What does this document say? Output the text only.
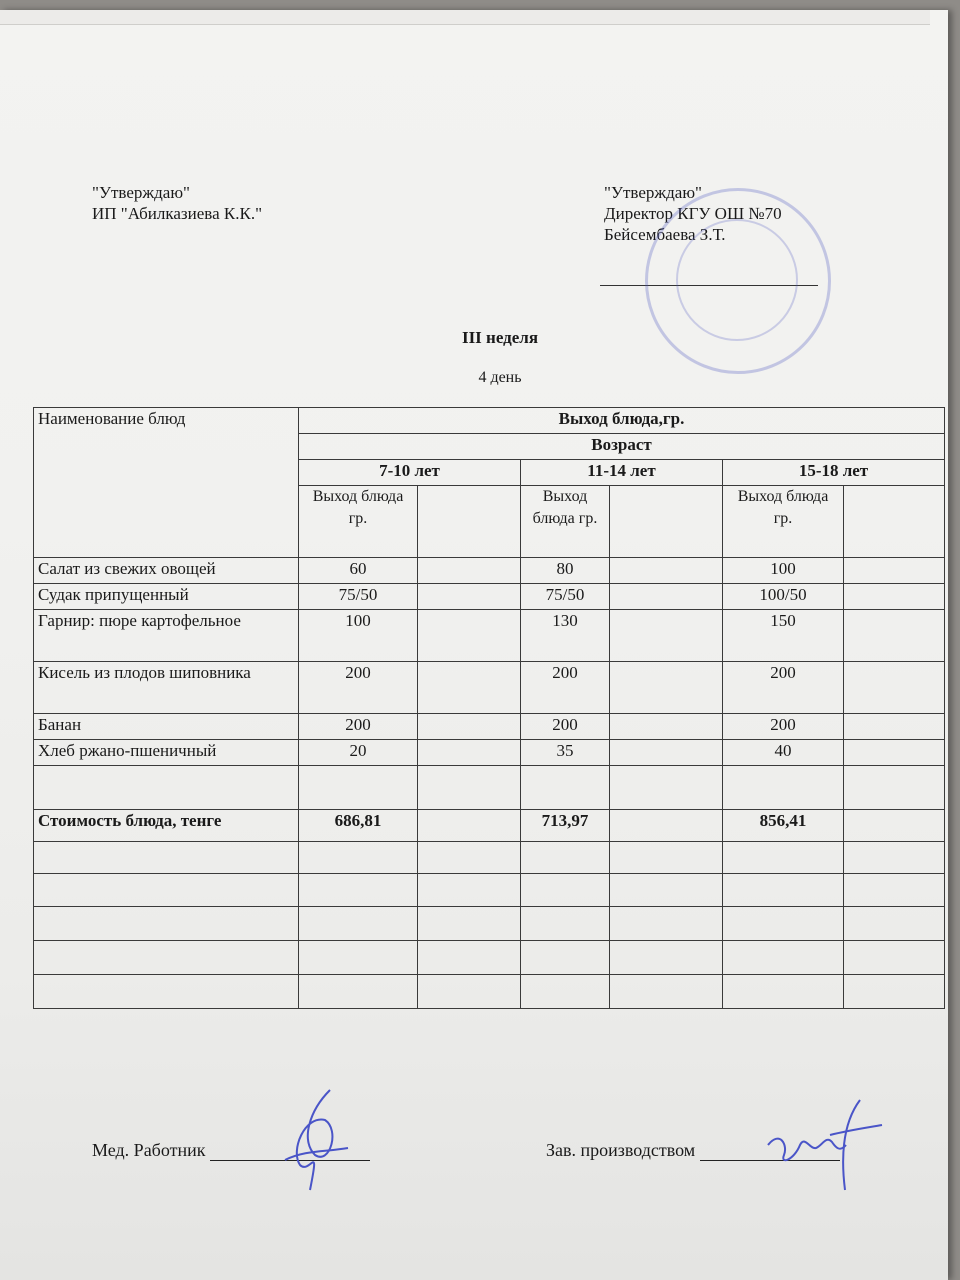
"Утверждаю"
ИП "Абилказиева К.К."
"Утверждаю"
Директор КГУ ОШ №70
Бейсембаева З.Т.
III неделя
4 день
Наименование блюд	Выход блюда,гр.					
	Возраст					
	7-10 лет		11-14 лет		15-18 лет	
	Выход блюда гр.		Выход блюда гр.		Выход блюда гр.	
Салат из свежих овощей	60		80		100	
Судак припущенный	75/50		75/50		100/50	
Гарнир: пюре картофельное	100		130		150	
Кисель из плодов шиповника	200		200		200	
Банан	200		200		200	
Хлеб ржано-пшеничный	20		35		40	

Стоимость блюда, тенге	686,81		713,97		856,41	

Мед. Работник	Зав. производством
